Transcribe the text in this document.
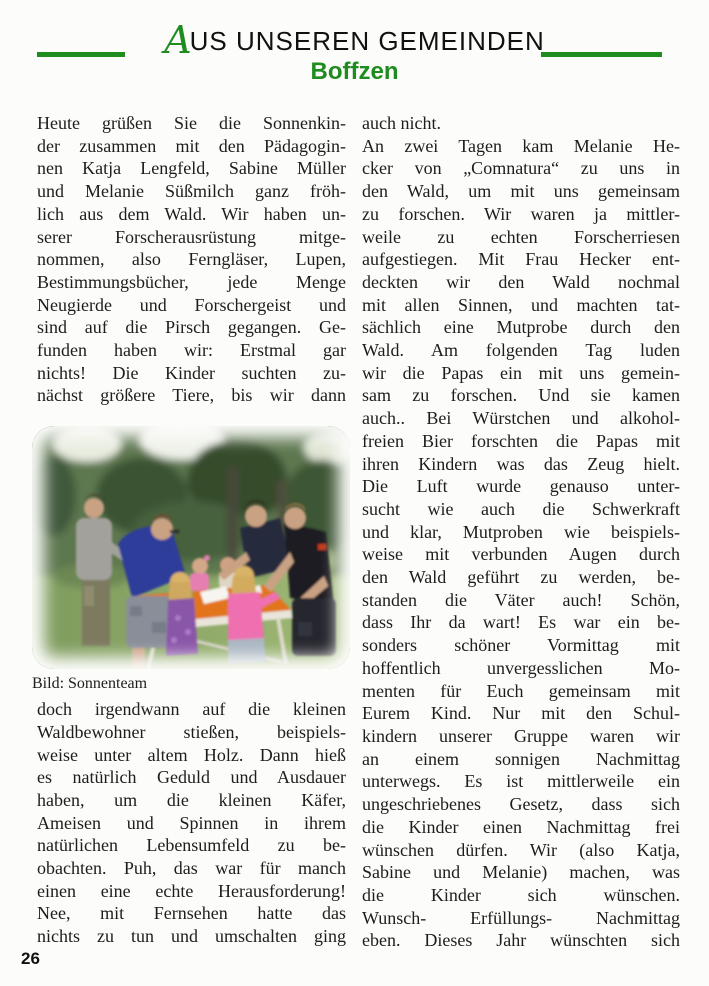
AUS UNSEREN GEMEINDEN
Boffzen
Heute grüßen Sie die Sonnenkin-
der zusammen mit den Pädagogin-
nen Katja Lengfeld, Sabine Müller
und Melanie Süßmilch ganz fröh-
lich aus dem Wald. Wir haben un-
serer Forscherausrüstung mitge-
nommen, also Ferngläser, Lupen,
Bestimmungsbücher, jede Menge
Neugierde und Forschergeist und
sind auf die Pirsch gegangen. Ge-
funden haben wir: Erstmal gar
nichts! Die Kinder suchten zu-
nächst größere Tiere, bis wir dann
Bild: Sonnenteam
doch irgendwann auf die kleinen
Waldbewohner stießen, beispiels-
weise unter altem Holz. Dann hieß
es natürlich Geduld und Ausdauer
haben, um die kleinen Käfer,
Ameisen und Spinnen in ihrem
natürlichen Lebensumfeld zu be-
obachten. Puh, das war für manch
einen eine echte Herausforderung!
Nee, mit Fernsehen hatte das
nichts zu tun und umschalten ging
auch nicht.
An zwei Tagen kam Melanie He-
cker von „Comnatura“ zu uns in
den Wald, um mit uns gemeinsam
zu forschen. Wir waren ja mittler-
weile zu echten Forscherriesen
aufgestiegen. Mit Frau Hecker ent-
deckten wir den Wald nochmal
mit allen Sinnen, und machten tat-
sächlich eine Mutprobe durch den
Wald. Am folgenden Tag luden
wir die Papas ein mit uns gemein-
sam zu forschen. Und sie kamen
auch.. Bei Würstchen und alkohol-
freien Bier forschten die Papas mit
ihren Kindern was das Zeug hielt.
Die Luft wurde genauso unter-
sucht wie auch die Schwerkraft
und klar, Mutproben wie beispiels-
weise mit verbunden Augen durch
den Wald geführt zu werden, be-
standen die Väter auch! Schön,
dass Ihr da wart! Es war ein be-
sonders schöner Vormittag mit
hoffentlich unvergesslichen Mo-
menten für Euch gemeinsam mit
Eurem Kind. Nur mit den Schul-
kindern unserer Gruppe waren wir
an einem sonnigen Nachmittag
unterwegs. Es ist mittlerweile ein
ungeschriebenes Gesetz, dass sich
die Kinder einen Nachmittag frei
wünschen dürfen. Wir (also Katja,
Sabine und Melanie) machen, was
die Kinder sich wünschen.
Wunsch- Erfüllungs- Nachmittag
eben. Dieses Jahr wünschten sich
26
